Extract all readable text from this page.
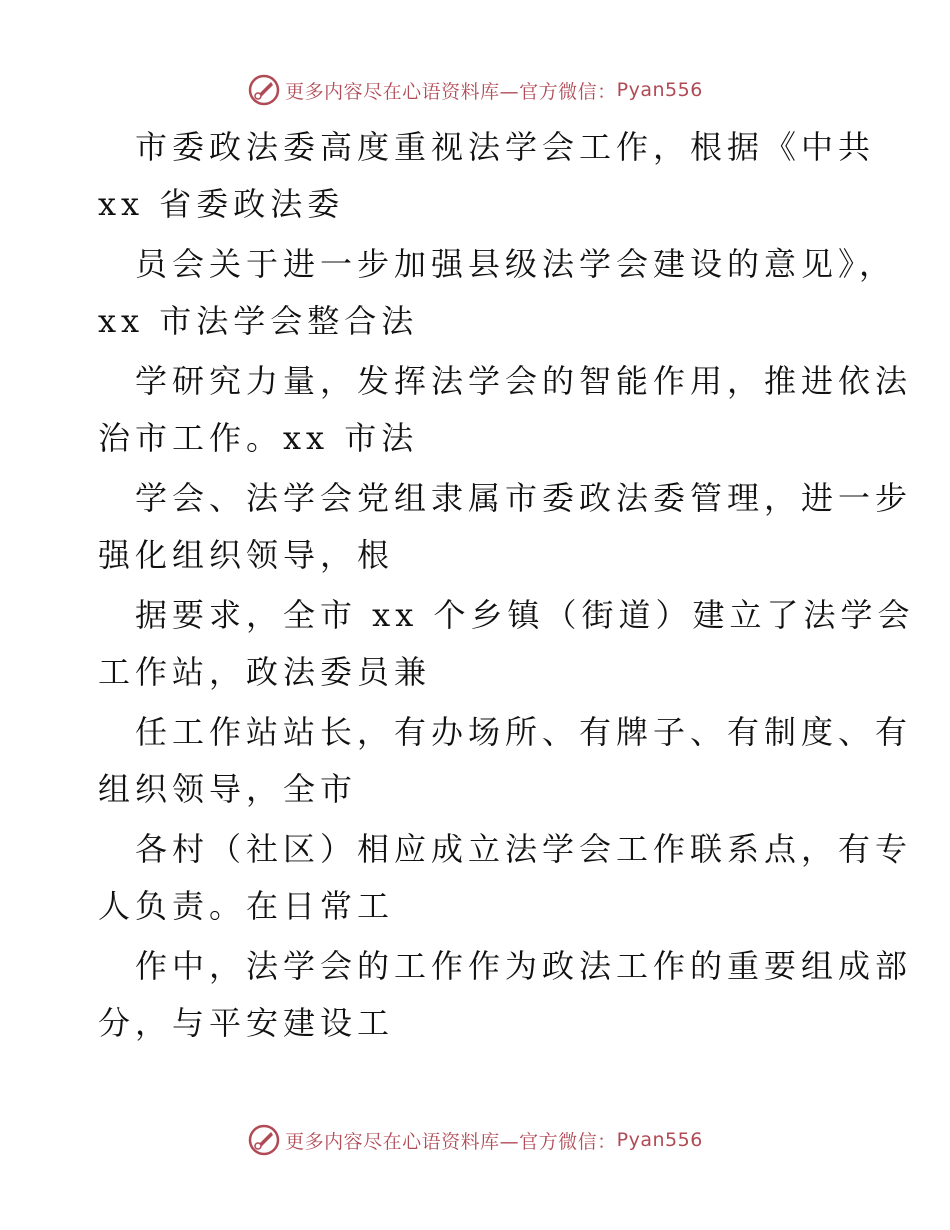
更多内容尽在心语资料库—官方微信： Pyan556
市委政法委高度重视法学会工作，根据《中共
xx 省委政法委
员会关于进一步加强县级法学会建设的意见》，
xx 市法学会整合法
学研究力量，发挥法学会的智能作用，推进依法
治市工作。xx 市法
学会、法学会党组隶属市委政法委管理，进一步
强化组织领导，根
据要求，全市 xx 个乡镇（街道）建立了法学会
工作站，政法委员兼
任工作站站长，有办场所、有牌子、有制度、有
组织领导，全市
各村（社区）相应成立法学会工作联系点，有专
人负责。在日常工
作中，法学会的工作作为政法工作的重要组成部
分，与平安建设工
更多内容尽在心语资料库—官方微信： Pyan556
